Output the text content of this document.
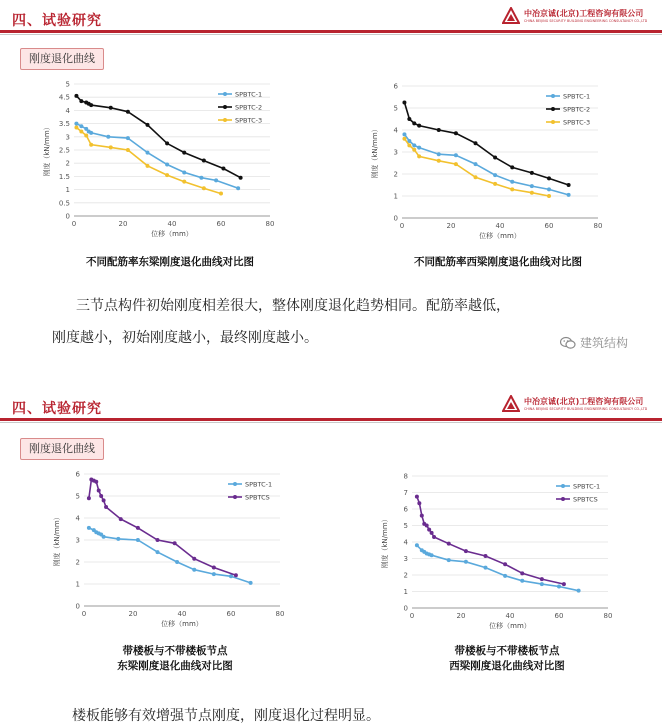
四、试验研究	中冶京诚(北京)工程咨询有限公司
CHINA BEIJING SECURITY BUILDING ENGINEERING CONSULTANCY CO.,LTD
刚度退化曲线
0
0.5
1
1.5
2
2.5
3
3.5
4
4.5
5
0	20	40	60	80
位移（mm）
刚度（kN/mm）
SPBTC-1
SPBTC-2
SPBTC-3
0
1
2
3
4
5
6
0	20	40	60	80
位移（mm）
刚度（kN/mm）
SPBTC-1
SPBTC-2
SPBTC-3
不同配筋率东梁刚度退化曲线对比图	不同配筋率西梁刚度退化曲线对比图
三节点构件初始刚度相差很大，整体刚度退化趋势相同。配筋率越低，
刚度越小，初始刚度越小，最终刚度越小。	建筑结构
四、试验研究	中冶京诚(北京)工程咨询有限公司
CHINA BEIJING SECURITY BUILDING ENGINEERING CONSULTANCY CO.,LTD
刚度退化曲线
0
1
2
3
4
5
6
0	20	40	60	80
位移（mm）
刚度（kN/mm）
SPBTC-1
SPBTCS
0
1
2
3
4
5
6
7
8
0	20	40	60	80
位移（mm）
刚度（kN/mm）
SPBTC-1
SPBTCS
带楼板与不带楼板节点
东梁刚度退化曲线对比图
带楼板与不带楼板节点
西梁刚度退化曲线对比图
楼板能够有效增强节点刚度，刚度退化过程明显。
